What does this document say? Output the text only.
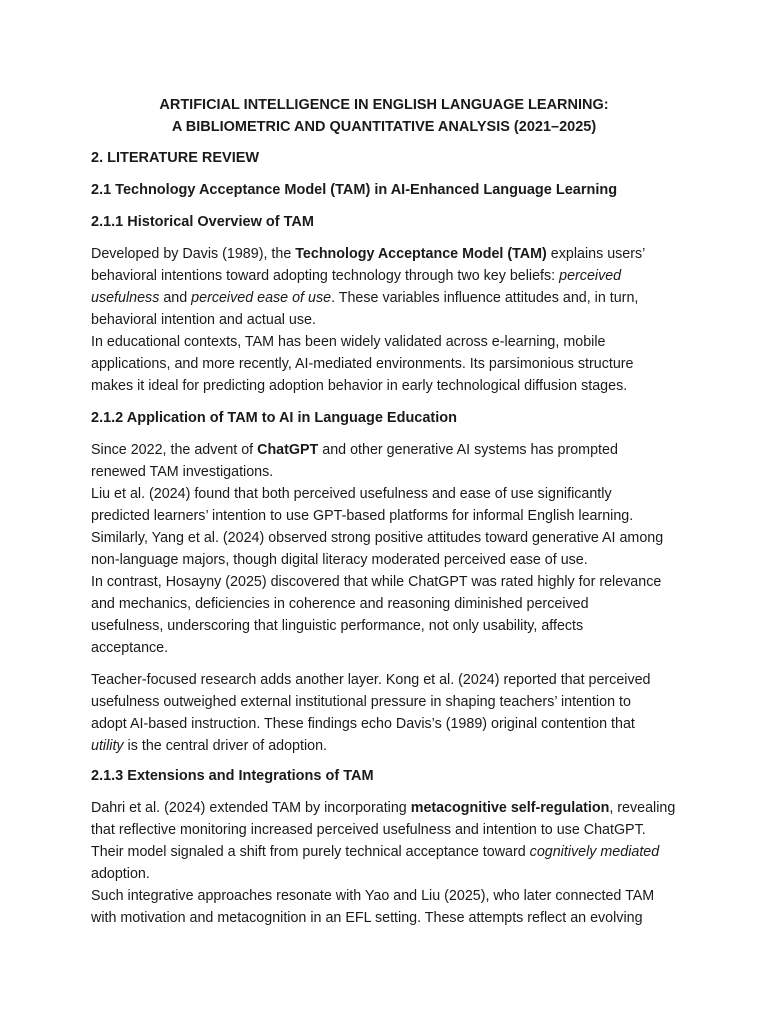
ARTIFICIAL INTELLIGENCE IN ENGLISH LANGUAGE LEARNING:
A BIBLIOMETRIC AND QUANTITATIVE ANALYSIS (2021–2025)
2. LITERATURE REVIEW
2.1 Technology Acceptance Model (TAM) in AI-Enhanced Language Learning
2.1.1 Historical Overview of TAM
Developed by Davis (1989), the Technology Acceptance Model (TAM) explains users’
behavioral intentions toward adopting technology through two key beliefs: perceived
usefulness and perceived ease of use. These variables influence attitudes and, in turn,
behavioral intention and actual use.
In educational contexts, TAM has been widely validated across e-learning, mobile
applications, and more recently, AI-mediated environments. Its parsimonious structure
makes it ideal for predicting adoption behavior in early technological diffusion stages.
2.1.2 Application of TAM to AI in Language Education
Since 2022, the advent of ChatGPT and other generative AI systems has prompted
renewed TAM investigations.
Liu et al. (2024) found that both perceived usefulness and ease of use significantly
predicted learners’ intention to use GPT-based platforms for informal English learning.
Similarly, Yang et al. (2024) observed strong positive attitudes toward generative AI among
non-language majors, though digital literacy moderated perceived ease of use.
In contrast, Hosayny (2025) discovered that while ChatGPT was rated highly for relevance
and mechanics, deficiencies in coherence and reasoning diminished perceived
usefulness, underscoring that linguistic performance, not only usability, affects
acceptance.
Teacher-focused research adds another layer. Kong et al. (2024) reported that perceived
usefulness outweighed external institutional pressure in shaping teachers’ intention to
adopt AI-based instruction. These findings echo Davis’s (1989) original contention that
utility is the central driver of adoption.
2.1.3 Extensions and Integrations of TAM
Dahri et al. (2024) extended TAM by incorporating metacognitive self-regulation, revealing
that reflective monitoring increased perceived usefulness and intention to use ChatGPT.
Their model signaled a shift from purely technical acceptance toward cognitively mediated
adoption.
Such integrative approaches resonate with Yao and Liu (2025), who later connected TAM
with motivation and metacognition in an EFL setting. These attempts reflect an evolving
